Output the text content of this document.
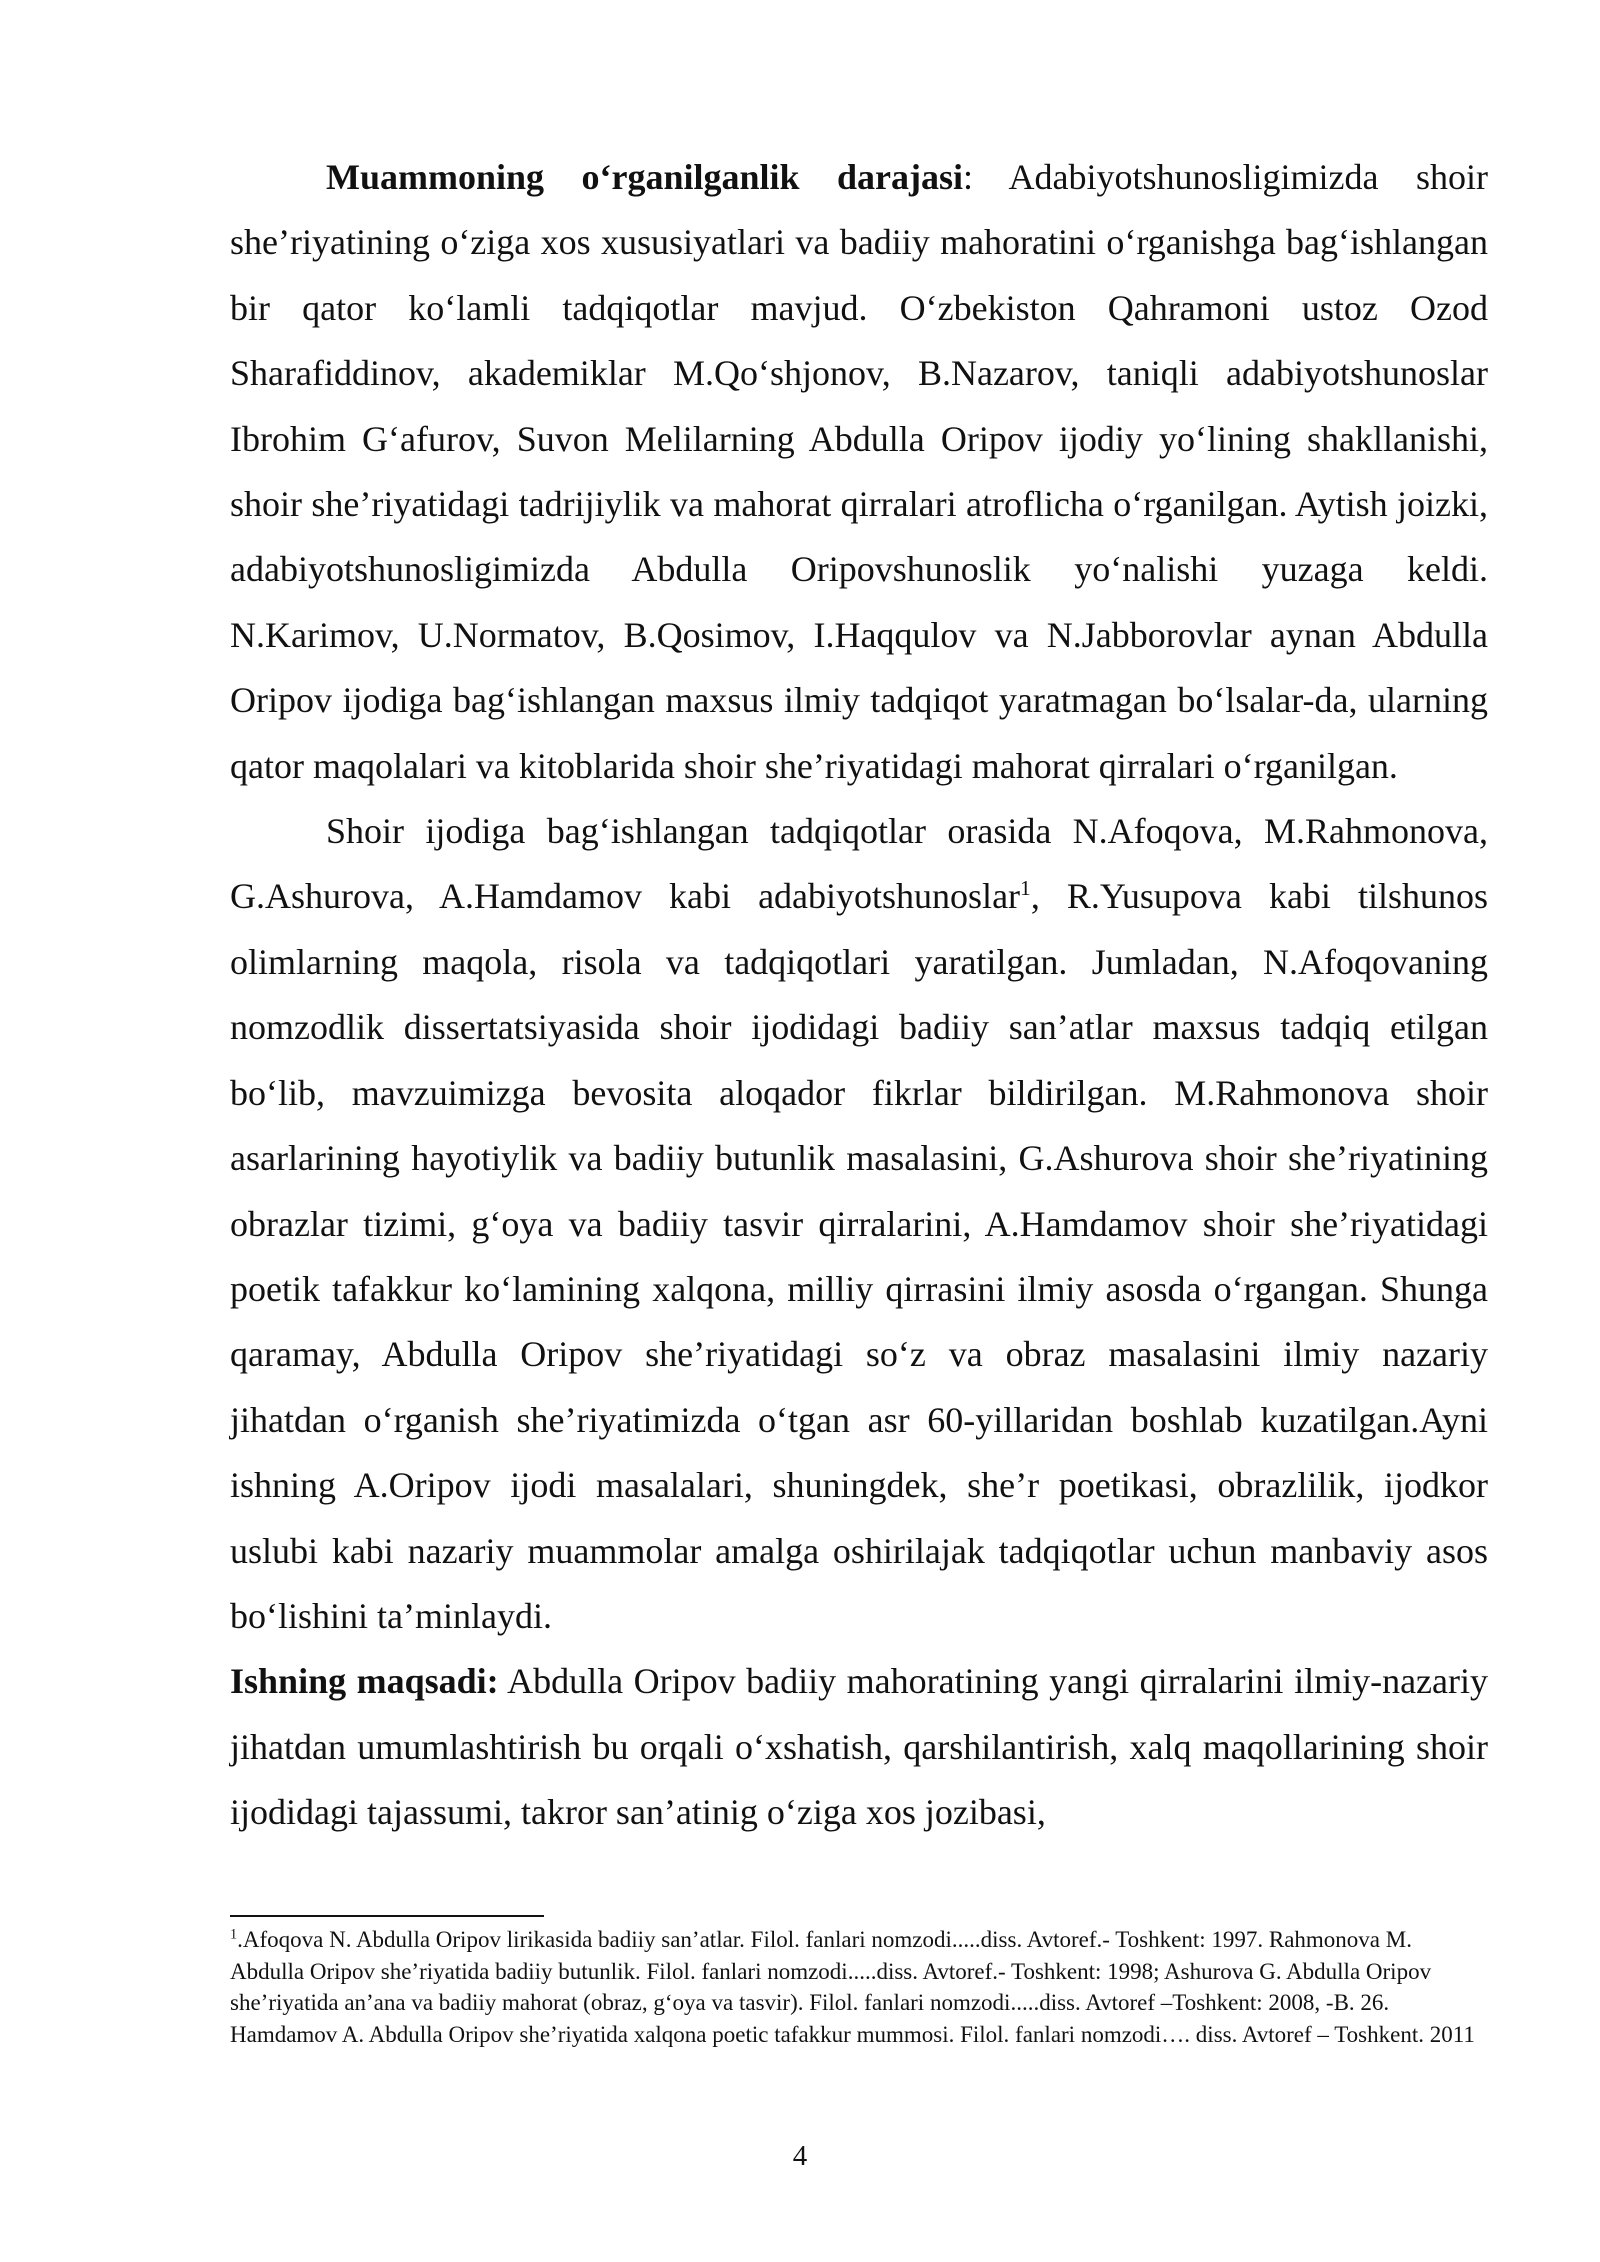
Muammoning o‘rganilganlik darajasi: Adabiyotshunosligimizda shoir she’riyatining o‘ziga xos xususiyatlari va badiiy mahoratini o‘rganishga bag‘ishlangan bir qator ko‘lamli tadqiqotlar mavjud. O‘zbekiston Qahramoni ustoz Ozod Sharafiddinov, akademiklar M.Qo‘shjonov, B.Nazarov, taniqli adabiyotshunoslar Ibrohim G‘afurov, Suvon Melilarning Abdulla Oripov ijodiy yo‘lining shakllanishi, shoir she’riyatidagi tadrijiylik va mahorat qirralari atroflicha o‘rganilgan. Aytish joizki, adabiyotshunosligimizda Abdulla Oripovshunoslik yo‘nalishi yuzaga keldi. N.Karimov, U.Normatov, B.Qosimov, I.Haqqulov va N.Jabborovlar aynan Abdulla Oripov ijodiga bag‘ishlangan maxsus ilmiy tadqiqot yaratmagan bo‘lsalar-da, ularning qator maqolalari va kitoblarida shoir she’riyatidagi mahorat qirralari o‘rganilgan.

Shoir ijodiga bag‘ishlangan tadqiqotlar orasida N.Afoqova, M.Rahmonova, G.Ashurova, A.Hamdamov kabi adabiyotshunoslar$^1$, R.Yusupova kabi tilshunos olimlarning maqola, risola va tadqiqotlari yaratilgan. Jumladan, N.Afoqovaning nomzodlik dissertatsiyasida shoir ijodidagi badiiy san’atlar maxsus tadqiq etilgan bo‘lib, mavzuimizga bevosita aloqador fikrlar bildirilgan. M.Rahmonova shoir asarlarining hayotiylik va badiiy butunlik masalasini, G.Ashurova shoir she’riyatining obrazlar tizimi, g‘oya va badiiy tasvir qirralarini, A.Hamdamov shoir she’riyatidagi poetik tafakkur ko‘lamining xalqona, milliy qirrasini ilmiy asosda o‘rgangan. Shunga qaramay, Abdulla Oripov she’riyatidagi so‘z va obraz masalasini ilmiy nazariy jihatdan o‘rganish she’riyatimizda o‘tgan asr 60-yillaridan boshlab kuzatilgan.Ayni ishning A.Oripov ijodi masalalari, shuningdek, she’r poetikasi, obrazlilik, ijodkor uslubi kabi nazariy muammolar amalga oshirilajak tadqiqotlar uchun manbaviy asos bo‘lishini ta’minlaydi.

Ishning maqsadi: Abdulla Oripov badiiy mahoratining yangi qirralarini ilmiy-nazariy jihatdan umumlashtirish bu orqali o‘xshatish, qarshilantirish, xalq maqollarining shoir ijodidagi tajassumi, takror san’atinig o‘ziga xos jozibasi,

$^1$.Afoqova N. Abdulla Oripov lirikasida badiiy san’atlar. Filol. fanlari nomzodi.....diss. Avtoref.- Toshkent: 1997. Rahmonova M. Abdulla Oripov she’riyatida badiiy butunlik. Filol. fanlari nomzodi.....diss. Avtoref.- Toshkent: 1998; Ashurova G. Abdulla Oripov she’riyatida an’ana va badiiy mahorat (obraz, g‘oya va tasvir). Filol. fanlari nomzodi.....diss. Avtoref –Toshkent: 2008, -B. 26. Hamdamov A. Abdulla Oripov she’riyatida xalqona poetic tafakkur mummosi. Filol. fanlari nomzodi…. diss. Avtoref – Toshkent. 2011

4
